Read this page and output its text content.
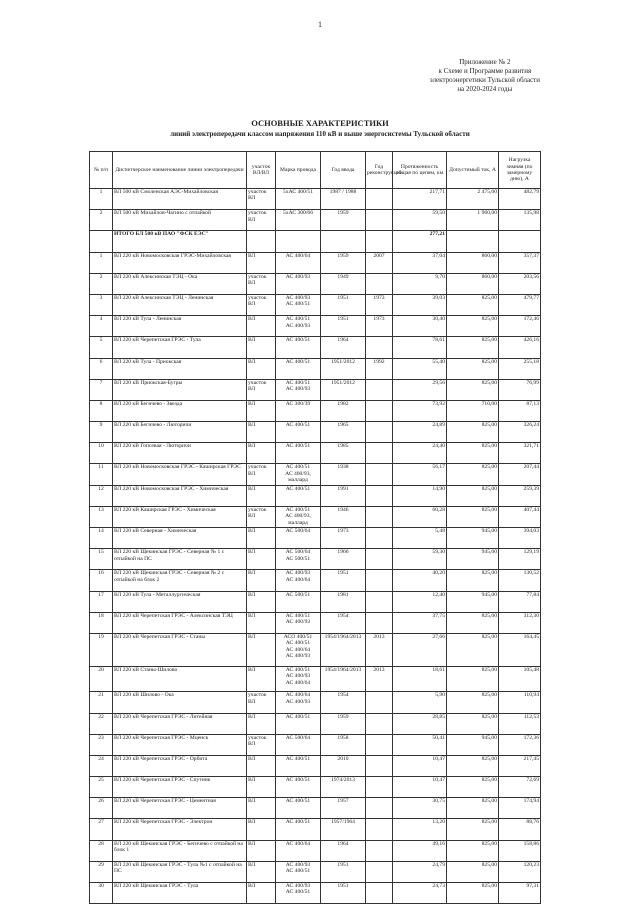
1
Приложение № 2
к Схеме и Программе развития
электроэнергетики Тульской области
на 2020-2024 годы
ОСНОВНЫЕ ХАРАКТЕРИСТИКИ
линий электропередачи классом напряжения 110 кВ и выше энергосистемы Тульской области
№ п/п	Диспетчерское наименование линии электропередачи	участок ВЛ/ВЛ	Марка провода	Год ввода	Год реконструкции	Протяженность общая по цепям, км	Допустимый ток, А	Нагрузка зимняя (по замерному дню), А
1	ВЛ 500 кВ Смоленская АЭС-Михайловская	участок ВЛ	5хАС 400/51	1987 / 1988		217,71	2 475,00	482,79
2	ВЛ 500 кВ Михайлов-Чагино с отпайкой	участок ВЛ	5хАС 300/66	1959		59,50	1 960,00	135,98
	ИТОГО БЛ 500 кВ ПАО "ФСК ЕЭС"					277,21		
1	ВЛ 220 кВ Новомосковская ГРЭС-Михайловская	ВЛ	АС 400/64	1959	2007	37,04	860,00	357,37
2	ВЛ 220 кВ Алексинская ТЭЦ - Ока	участок ВЛ	АС 400/93	1949		9,70	860,00	203,56
3	ВЛ 220 кВ Алексинская ТЭЦ - Ленинская	участок ВЛ	АС 400/93
АС 400/51	1951	1973	39,03	825,00	479,77
4	ВЛ 220 кВ Тула - Ленинская	ВЛ	АС 400/51
АС 400/93	1951	1973	30,40	825,00	172,46
5	ВЛ 220 кВ Черепетская ГРЭС - Тула	ВЛ	АС 400/51	1964		78,61	825,00	426,16
6	ВЛ 220 кВ Тула - Приокская	ВЛ	АС 400/51	1951/2012	1992	55,40	825,00	255,18
7	ВЛ 220 кВ Приокская-Бугры	участок ВЛ	АС 400/51
АС 400/93	1951/2012		29,56	825,00	76,99
8	ВЛ 220 кВ Бегичево - Звезда	ВЛ	АС 300/39	1982		73,92	710,00	87,13
9	ВЛ 220 кВ Бегичево - Люторичи	ВЛ	АС 400/51	1965		24,89	825,00	326,24
10	ВЛ 220 кВ Гопсевая - Люторичи	ВЛ	АС 400/51	1985		24,40	825,00	321,71
11	ВЛ 220 кВ Новомосковская ГРЭС - Каширская ГРЭС	участок ВЛ	АС 400/51
АС 400/93, маллард	1938		56,17	825,00	207,44
12	ВЛ 220 кВ Новомосковская ГРЭС - Химическая	ВЛ	АС 400/51	1991		14,90	825,00	259,39
13	ВЛ 220 кВ Каширская ГРЭС - Химическая	участок ВЛ	АС 400/51
АС 400/93, маллард	1946		60,28	825,00	407,44
14	ВЛ 220 кВ Северная - Химическая	ВЛ	АС 500/64	1973		5,48	945,00	394,03
15	ВЛ 220 кВ Щекинская ГРЭС - Северная № 1 с отпайкой на ПС	ВЛ	АС 500/64
АС 500/51	1966		59,30	945,00	129,19
16	ВЛ 220 кВ Щекинская ГРЭС - Северная № 2 с отпайкой на блок 2	ВЛ	АС 400/93
АС 400/64	1951		40,20	825,00	130,52
17	ВЛ 220 кВ Тула - Металлургическая	ВЛ	АС 500/51	1981		12,40	945,00	77,84
18	ВЛ 220 кВ Черепетская ГРЭС - Алексинская ТЭЦ	ВЛ	АС 400/51
АС 400/93	1954		37,75	825,00	312,30
19	ВЛ 220 кВ Черепетская ГРЭС - Станы	ВЛ	АСО 400/51
АС 400/51
АС 400/64
АС 400/93	1954/1964/2013	2013	27,66	825,00	164,45
20	ВЛ 220 кВ Станы-Шилово	ВЛ	АС 400/51
АС 400/93
АС 400/64	1954/1964/2013	2013	18,61	825,00	105,48
21	ВЛ 220 кВ Шилово - Ока	участок ВЛ	АС 400/64
АС 400/93	1954		5,90	825,00	110,94
22	ВЛ 220 кВ Черепетская ГРЭС - Литейная	ВЛ	АС 400/51	1959		28,85	825,00	112,53
23	ВЛ 220 кВ Черепетская ГРЭС - Мценск	участок ВЛ	АС 500/64	1958		50,41	945,00	172,36
24	ВЛ 220 кВ Черепетская ГРЭС - Орбита	ВЛ	АС 400/51	2010		10,47	825,00	217,45
25	ВЛ 220 кВ Черепетская ГРЭС - Спутник	ВЛ	АС 400/51	1974/2013		10,47	825,00	72,69
26	ВЛ 220 кВ Черепетская ГРЭС - Цементная	ВЛ	АС 400/51	1957		30,75	825,00	174,94
27	ВЛ 220 кВ Черепетская ГРЭС - Электрон	ВЛ	АС 400/51	1957/1964		13,20	825,00	88,76
28	ВЛ 220 кВ Щекинская ГРЭС - Бегичево с отпайкой на блок 1	ВЛ	АС 400/64	1964		49,16	825,00	158,86
29	ВЛ 220 кВ Щекинская ГРЭС - Тула №1 с отпайкой на ПС	ВЛ	АС 400/93
АС 400/51	1951		24,79	825,00	120,23
30	ВЛ 220 кВ Щекинская ГРЭС - Тула	ВЛ	АС 400/93
АС 400/51	1951		24,73	825,00	97,31
